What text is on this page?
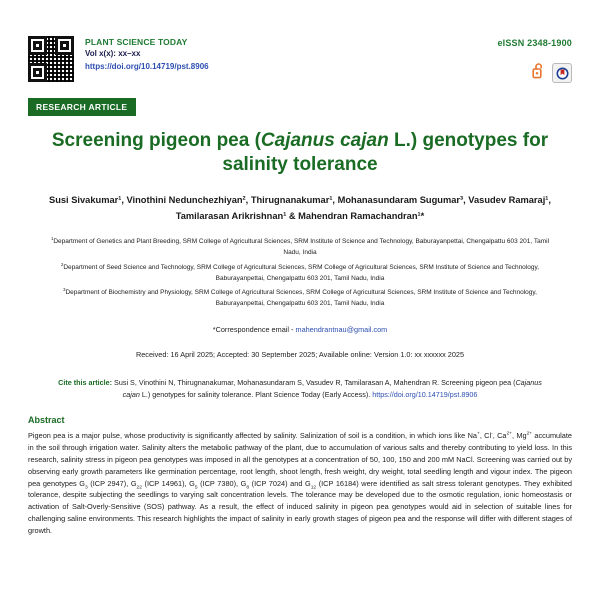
PLANT SCIENCE TODAY
Vol x(x): xx–xx
https://doi.org/10.14719/pst.8906
eISSN 2348-1900
RESEARCH ARTICLE
Screening pigeon pea (Cajanus cajan L.) genotypes for salinity tolerance
Susi Sivakumar¹, Vinothini Nedunchezhiyan², Thirugnanakumar¹, Mohanasundaram Sugumar³, Vasudev Ramaraj¹,
Tamilarasan Arikrishnan¹ & Mahendran Ramachandran¹*
$^1$Department of Genetics and Plant Breeding, SRM College of Agricultural Sciences, SRM Institute of Science and Technology, Baburayanpettai, Chengalpattu 603 201, Tamil Nadu, India
$^2$Department of Seed Science and Technology, SRM College of Agricultural Sciences, SRM College of Agricultural Sciences, SRM Institute of Science and Technology, Baburayanpettai, Chengalpattu 603 201, Tamil Nadu, India
$^3$Department of Biochemistry and Physiology, SRM College of Agricultural Sciences, SRM College of Agricultural Sciences, SRM Institute of Science and Technology, Baburayanpettai, Chengalpattu 603 201, Tamil Nadu, India
*Correspondence email - mahendrantnau@gmail.com
Received: 16 April 2025; Accepted: 30 September 2025; Available online: Version 1.0: xx xxxxxx 2025
Cite this article: Susi S, Vinothini N, Thirugnanakumar, Mohanasundaram S, Vasudev R, Tamilarasan A, Mahendran R. Screening pigeon pea (Cajanus cajan L.) genotypes for salinity tolerance. Plant Science Today (Early Access). https://doi.org/10.14719/pst.8906
Abstract
Pigeon pea is a major pulse, whose productivity is significantly affected by salinity. Salinization of soil is a condition, in which ions like Na+, Cl-, $Ca^{2+}$, $Mg^{2+}$ accumulate in the soil through irrigation water. Salinity alters the metabolic pathway of the plant, due to accumulation of various salts and thereby contributing to yield loss. In this research, salinity stress in pigeon pea genotypes was imposed in all the genotypes at a concentration of 50, 100, 150 and 200 mM NaCl. Screening was carried out by observing early growth parameters like germination percentage, root length, shoot length, fresh weight, dry weight, total seedling length and vigour index. The pigeon pea genotypes $G_3$ (ICP 2947), $G_{22}$ (ICP 14961), $G_5$ (ICP 7380), $G_8$ (ICP 7024) and $G_{12}$ (ICP 16184) were identified as salt stress tolerant genotypes. They exhibited tolerance, despite subjecting the seedlings to varying salt concentration levels. The tolerance may be developed due to the osmotic regulation, ionic homeostasis or activation of Salt-Overly-Sensitive (SOS) pathway. As a result, the effect of induced salinity in pigeon pea genotypes would aid in selection of suitable lines for challenging saline environments. This research highlights the impact of salinity in early growth stages of pigeon pea and the response will differ with different stages of growth.
